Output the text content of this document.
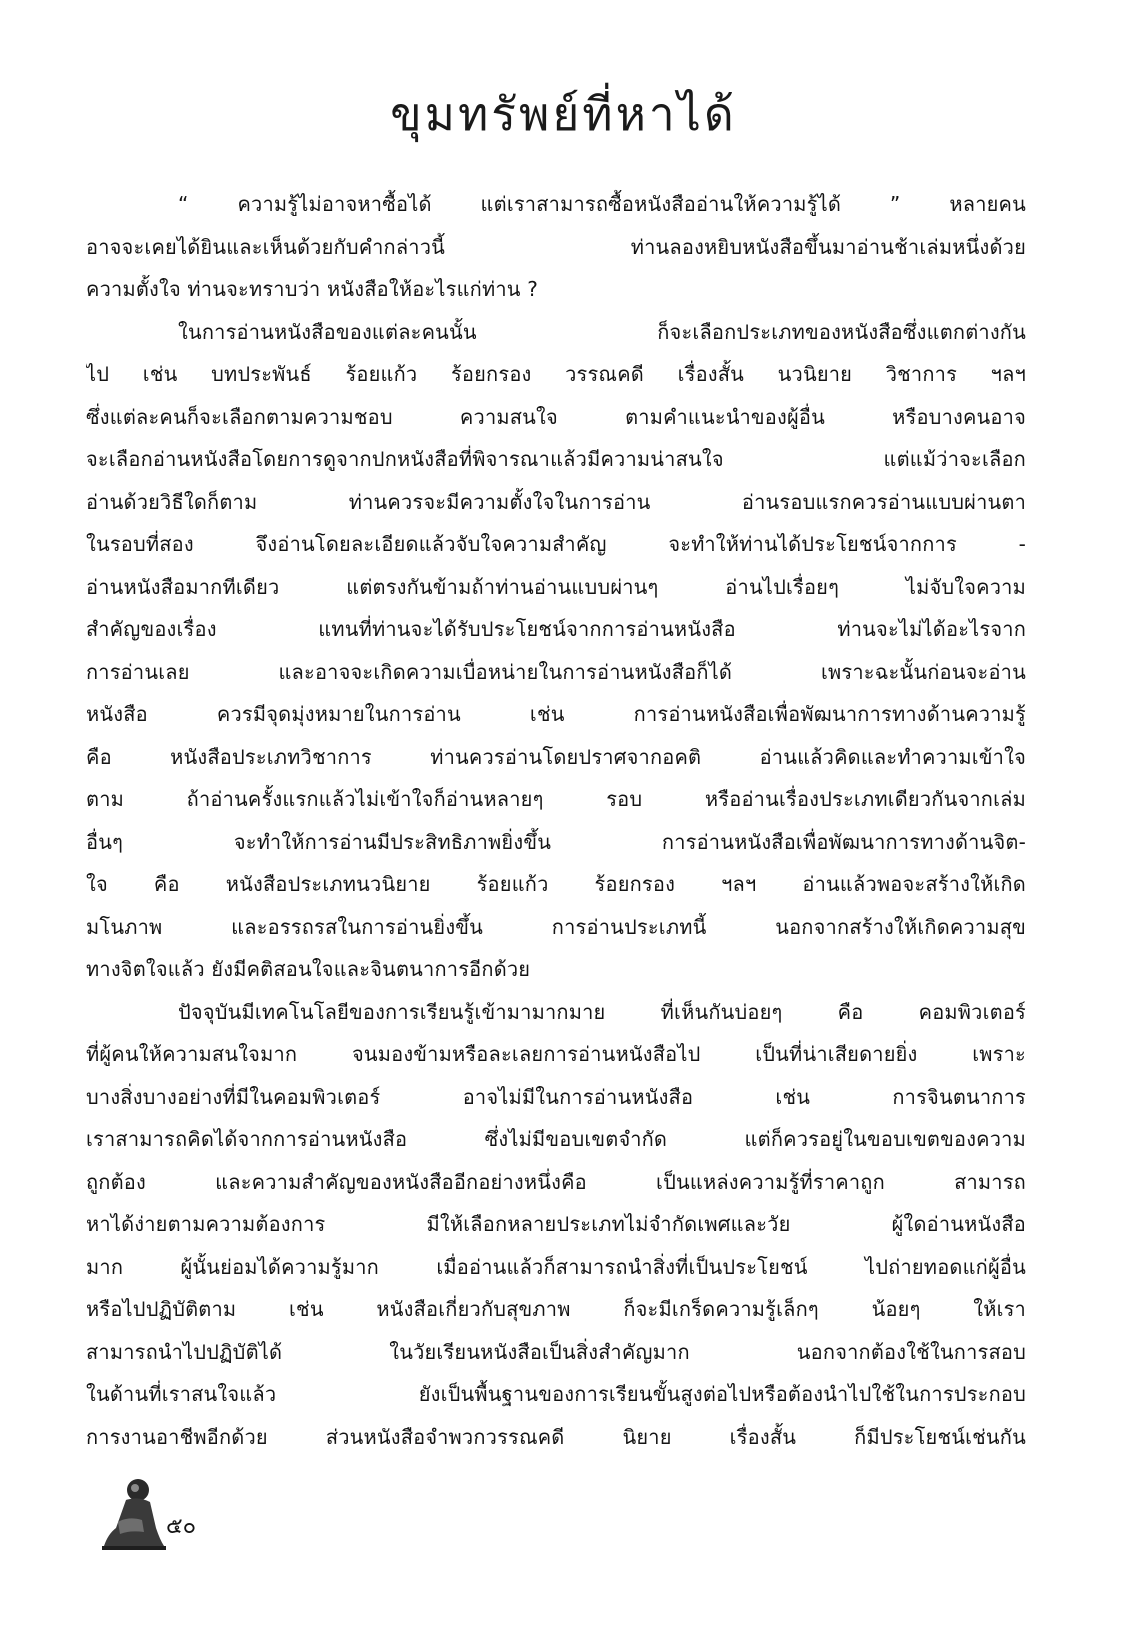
ขุมทรัพย์ที่หาได้
“ ความรู้ไม่อาจหาซื้อได้ แต่เราสามารถซื้อหนังสืออ่านให้ความรู้ได้ ” หลายคน
อาจจะเคยได้ยินและเห็นด้วยกับคำกล่าวนี้ ท่านลองหยิบหนังสือขึ้นมาอ่านช้าเล่มหนึ่งด้วย
ความตั้งใจ ท่านจะทราบว่า หนังสือให้อะไรแก่ท่าน ?
ในการอ่านหนังสือของแต่ละคนนั้น ก็จะเลือกประเภทของหนังสือซึ่งแตกต่างกัน
ไป เช่น บทประพันธ์ ร้อยแก้ว ร้อยกรอง วรรณคดี เรื่องสั้น นวนิยาย วิชาการ ฯลฯ
ซึ่งแต่ละคนก็จะเลือกตามความชอบ ความสนใจ ตามคำแนะนำของผู้อื่น หรือบางคนอาจ
จะเลือกอ่านหนังสือโดยการดูจากปกหนังสือที่พิจารณาแล้วมีความน่าสนใจ แต่แม้ว่าจะเลือก
อ่านด้วยวิธีใดก็ตาม ท่านควรจะมีความตั้งใจในการอ่าน อ่านรอบแรกควรอ่านแบบผ่านตา
ในรอบที่สอง จึงอ่านโดยละเอียดแล้วจับใจความสำคัญ จะทำให้ท่านได้ประโยชน์จากการ -
อ่านหนังสือมากทีเดียว แต่ตรงกันข้ามถ้าท่านอ่านแบบผ่านๆ อ่านไปเรื่อยๆ ไม่จับใจความ
สำคัญของเรื่อง แทนที่ท่านจะได้รับประโยชน์จากการอ่านหนังสือ ท่านจะไม่ได้อะไรจาก
การอ่านเลย และอาจจะเกิดความเบื่อหน่ายในการอ่านหนังสือก็ได้ เพราะฉะนั้นก่อนจะอ่าน
หนังสือ ควรมีจุดมุ่งหมายในการอ่าน เช่น การอ่านหนังสือเพื่อพัฒนาการทางด้านความรู้
คือ หนังสือประเภทวิชาการ ท่านควรอ่านโดยปราศจากอคติ อ่านแล้วคิดและทำความเข้าใจ
ตาม ถ้าอ่านครั้งแรกแล้วไม่เข้าใจก็อ่านหลายๆ รอบ หรืออ่านเรื่องประเภทเดียวกันจากเล่ม
อื่นๆ จะทำให้การอ่านมีประสิทธิภาพยิ่งขึ้น การอ่านหนังสือเพื่อพัฒนาการทางด้านจิต-
ใจ คือ หนังสือประเภทนวนิยาย ร้อยแก้ว ร้อยกรอง ฯลฯ อ่านแล้วพอจะสร้างให้เกิด
มโนภาพ และอรรถรสในการอ่านยิ่งขึ้น การอ่านประเภทนี้ นอกจากสร้างให้เกิดความสุข
ทางจิตใจแล้ว ยังมีคติสอนใจและจินตนาการอีกด้วย
ปัจจุบันมีเทคโนโลยีของการเรียนรู้เข้ามามากมาย ที่เห็นกันบ่อยๆ คือ คอมพิวเตอร์
ที่ผู้คนให้ความสนใจมาก จนมองข้ามหรือละเลยการอ่านหนังสือไป เป็นที่น่าเสียดายยิ่ง เพราะ
บางสิ่งบางอย่างที่มีในคอมพิวเตอร์ อาจไม่มีในการอ่านหนังสือ เช่น การจินตนาการ
เราสามารถคิดได้จากการอ่านหนังสือ ซึ่งไม่มีขอบเขตจำกัด แต่ก็ควรอยู่ในขอบเขตของความ
ถูกต้อง และความสำคัญของหนังสืออีกอย่างหนึ่งคือ เป็นแหล่งความรู้ที่ราคาถูก สามารถ
หาได้ง่ายตามความต้องการ มีให้เลือกหลายประเภทไม่จำกัดเพศและวัย ผู้ใดอ่านหนังสือ
มาก ผู้นั้นย่อมได้ความรู้มาก เมื่ออ่านแล้วก็สามารถนำสิ่งที่เป็นประโยชน์ ไปถ่ายทอดแก่ผู้อื่น
หรือไปปฏิบัติตาม เช่น หนังสือเกี่ยวกับสุขภาพ ก็จะมีเกร็ดความรู้เล็กๆ น้อยๆ ให้เรา
สามารถนำไปปฏิบัติได้ ในวัยเรียนหนังสือเป็นสิ่งสำคัญมาก นอกจากต้องใช้ในการสอบ
ในด้านที่เราสนใจแล้ว ยังเป็นพื้นฐานของการเรียนขั้นสูงต่อไปหรือต้องนำไปใช้ในการประกอบ
การงานอาชีพอีกด้วย ส่วนหนังสือจำพวกวรรณคดี นิยาย เรื่องสั้น ก็มีประโยชน์เช่นกัน
๕๐
